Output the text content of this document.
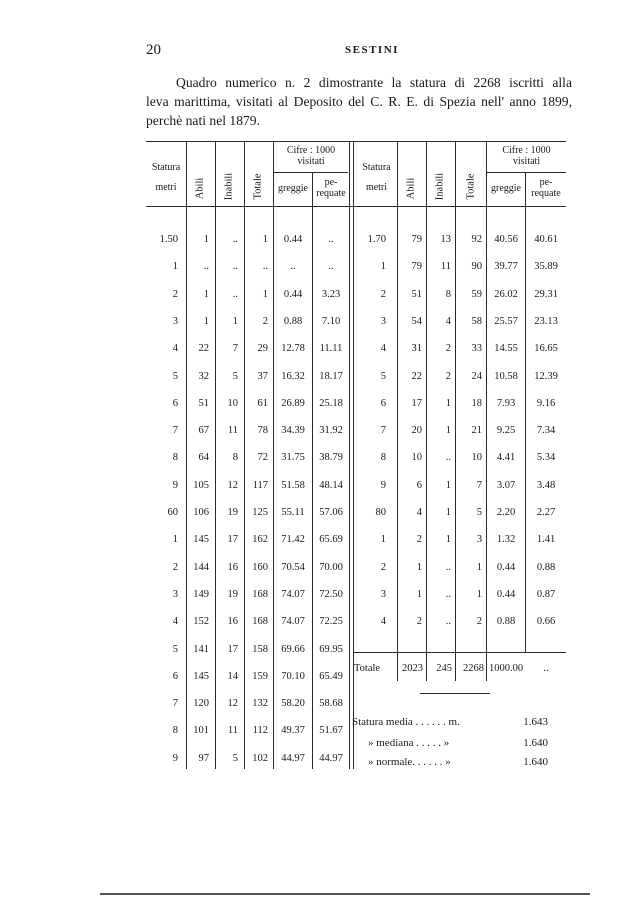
20	SESTINI
Quadro numerico n. 2 dimostrante la statura di 2268 iscritti alla
leva marittima, visitati al Deposito del C. R. E. di Spezia nell' anno 1899,
perchè nati nel 1879.
Statura
metri	Abili Inabili Totale
Cifre : 1000
visitati
greggie
pe-
requate
Statura
metri	Abili Inabili Totale
Cifre : 1000
visitati
greggie
pe-
requate
1.50	1	..	1	0.44	..
1	..	..	..	..	..
2	1	..	1	0.44	3.23
3	1	1	2	0.88	7.10
4	22	7	29	12.78	11.11
5	32	5	37	16.32	18.17
6	51	10	61	26.89	25.18
7	67	11	78	34.39	31.92
8	64	8	72	31.75	38.79
9	105	12	117	51.58	48.14
60	106	19	125	55.11	57.06
1	145	17	162	71.42	65.69
2	144	16	160	70.54	70.00
3	149	19	168	74.07	72.50
4	152	16	168	74.07	72.25
5	141	17	158	69.66	69.95
6	145	14	159	70.10	65.49
7	120	12	132	58.20	58.68
8	101	11	112	49.37	51.67
9	97	5	102	44.97	44.97
1.70	79	13	92	40.56	40.61
1	79	11	90	39.77	35.89
2	51	8	59	26.02	29.31
3	54	4	58	25.57	23.13
4	31	2	33	14.55	16.65
5	22	2	24	10.58	12.39
6	17	1	18	7.93	9.16
7	20	1	21	9.25	7.34
8	10	..	10	4.41	5.34
9	6	1	7	3.07	3.48
80	4	1	5	2.20	2.27
1	2	1	3	1.32	1.41
2	1	..	1	0.44	0.88
3	1	..	1	0.44	0.87
4	2	..	2	0.88	0.66
Totale	2023	245	2268 1000.00	..
Statura media . . . . . . m.	1.643
» mediana . . . . . »	1.640
» normale. . . . . . »	1.640
